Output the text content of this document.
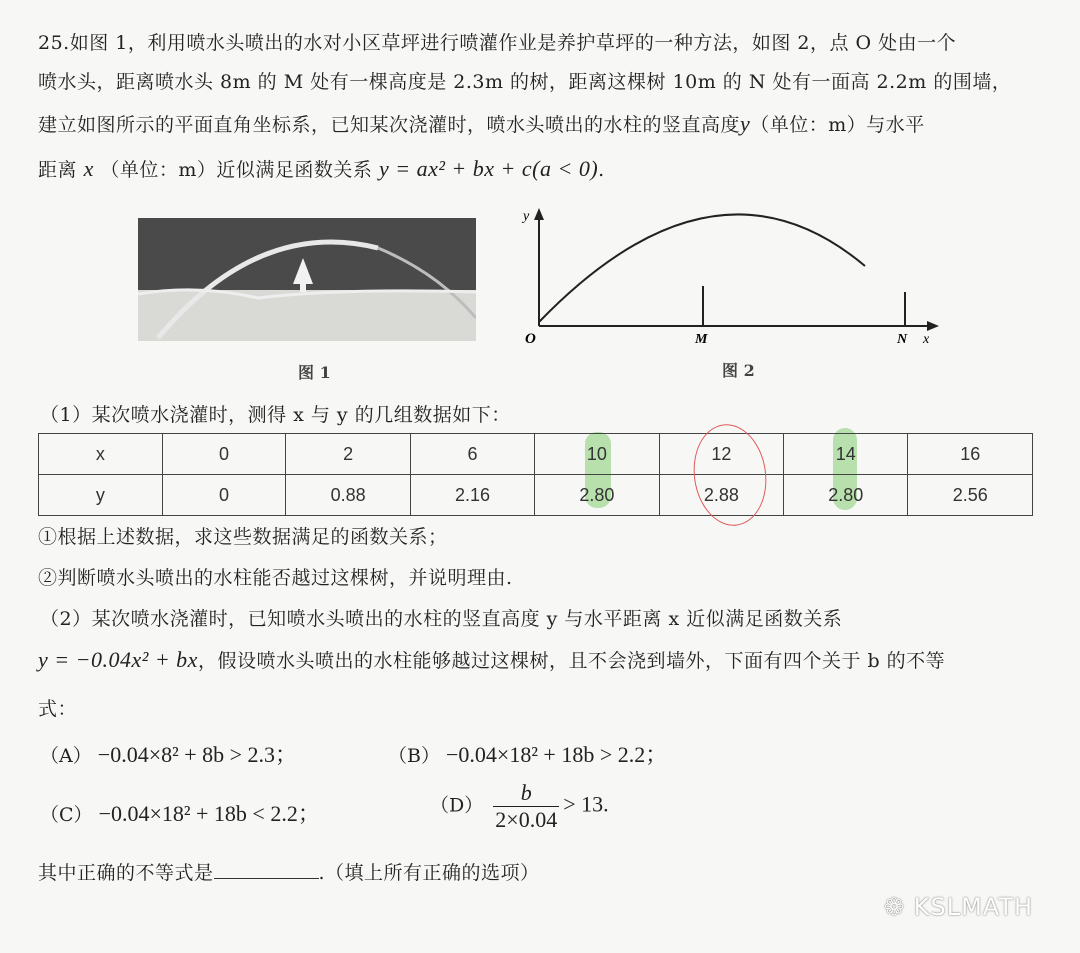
25.如图 1，利用喷水头喷出的水对小区草坪进行喷灌作业是养护草坪的一种方法，如图 2，点 O 处由一个
喷水头，距离喷水头 8m 的 M 处有一棵高度是 2.3m 的树，距离这棵树 10m 的 N 处有一面高 2.2m 的围墙，
建立如图所示的平面直角坐标系，已知某次浇灌时，喷水头喷出的水柱的竖直高度y（单位：m）与水平
距离 x （单位：m）近似满足函数关系 y = ax² + bx + c(a < 0).
图 1
y
x
O	M	N
图 2
（1）某次喷水浇灌时，测得 x 与 y 的几组数据如下：
x	0	2	6	10	12	14	16
y	0	0.88	2.16	2.80	2.88	2.80	2.56
①根据上述数据，求这些数据满足的函数关系；
②判断喷水头喷出的水柱能否越过这棵树，并说明理由.
（2）某次喷水浇灌时，已知喷水头喷出的水柱的竖直高度 y 与水平距离 x 近似满足函数关系
y = −0.04x² + bx，假设喷水头喷出的水柱能够越过这棵树，且不会浇到墙外，下面有四个关于 b 的不等
式：
（A） −0.04×8² + 8b > 2.3；	（B） −0.04×18² + 18b > 2.2；
（C） −0.04×18² + 18b < 2.2；	$(D) \frac{b}{2\times 0.04} > 13$.
其中正确的不等式是	.（填上所有正确的选项）
❁ KSLMATH
